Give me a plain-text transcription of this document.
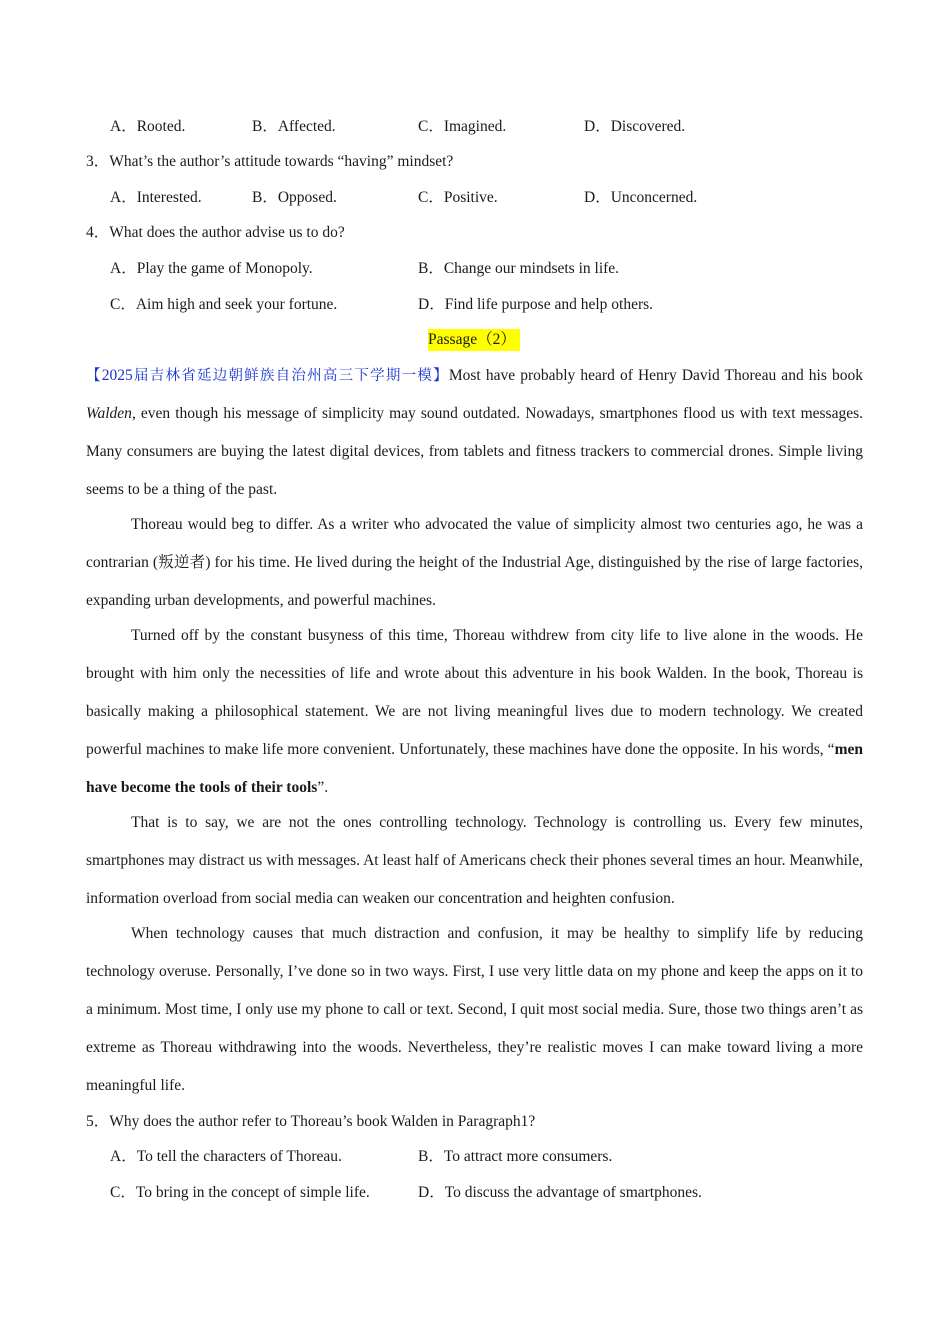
A．Rooted.	B．Affected.	C．Imagined.	D．Discovered.
3．What’s the author’s attitude towards “having” mindset?
A．Interested.	B．Opposed.	C．Positive.	D．Unconcerned.
4．What does the author advise us to do?
A．Play the game of Monopoly.	B．Change our mindsets in life.
C．Aim high and seek your fortune.	D．Find life purpose and help others.
Passage（2）

【2025届吉林省延边朝鲜族自治州高三下学期一模】Most have probably heard of Henry David Thoreau and his book Walden, even though his message of simplicity may sound outdated. Nowadays, smartphones flood us with text messages. Many consumers are buying the latest digital devices, from tablets and fitness trackers to commercial drones. Simple living seems to be a thing of the past.

Thoreau would beg to differ. As a writer who advocated the value of simplicity almost two centuries ago, he was a contrarian (叛逆者) for his time. He lived during the height of the Industrial Age, distinguished by the rise of large factories, expanding urban developments, and powerful machines.

Turned off by the constant busyness of this time, Thoreau withdrew from city life to live alone in the woods. He brought with him only the necessities of life and wrote about this adventure in his book Walden. In the book, Thoreau is basically making a philosophical statement. We are not living meaningful lives due to modern technology. We created powerful machines to make life more convenient. Unfortunately, these machines have done the opposite. In his words, “men have become the tools of their tools”.

That is to say, we are not the ones controlling technology. Technology is controlling us. Every few minutes, smartphones may distract us with messages. At least half of Americans check their phones several times an hour. Meanwhile, information overload from social media can weaken our concentration and heighten confusion.

When technology causes that much distraction and confusion, it may be healthy to simplify life by reducing technology overuse. Personally, I’ve done so in two ways. First, I use very little data on my phone and keep the apps on it to a minimum. Most time, I only use my phone to call or text. Second, I quit most social media. Sure, those two things aren’t as extreme as Thoreau withdrawing into the woods. Nevertheless, they’re realistic moves I can make toward living a more meaningful life.

5．Why does the author refer to Thoreau’s book Walden in Paragraph1?
A．To tell the characters of Thoreau.	B．To attract more consumers.
C．To bring in the concept of simple life.	D．To discuss the advantage of smartphones.
